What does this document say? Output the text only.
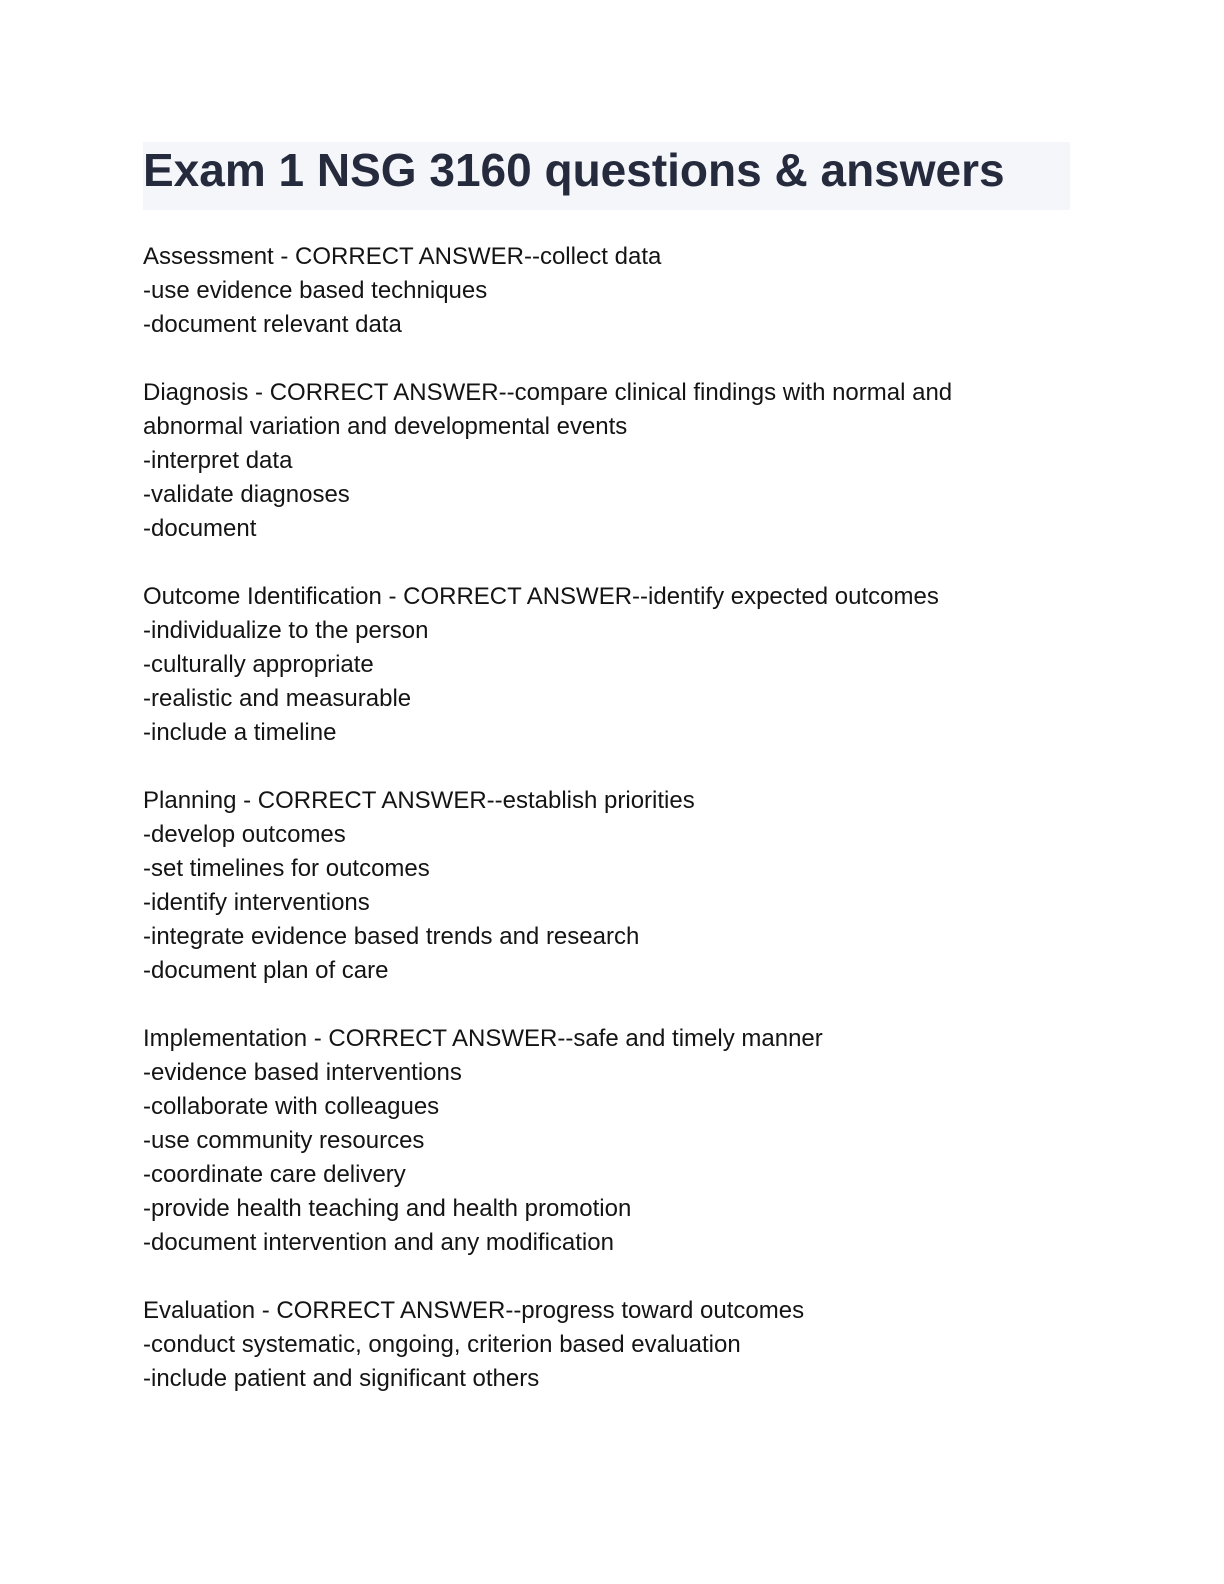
Exam 1 NSG 3160 questions & answers

Assessment - CORRECT ANSWER--collect data

-use evidence based techniques

-document relevant data

Diagnosis - CORRECT ANSWER--compare clinical findings with normal and

abnormal variation and developmental events

-interpret data

-validate diagnoses

-document

Outcome Identification - CORRECT ANSWER--identify expected outcomes

-individualize to the person

-culturally appropriate

-realistic and measurable

-include a timeline

Planning - CORRECT ANSWER--establish priorities

-develop outcomes

-set timelines for outcomes

-identify interventions

-integrate evidence based trends and research

-document plan of care

Implementation - CORRECT ANSWER--safe and timely manner

-evidence based interventions

-collaborate with colleagues

-use community resources

-coordinate care delivery

-provide health teaching and health promotion

-document intervention and any modification

Evaluation - CORRECT ANSWER--progress toward outcomes

-conduct systematic, ongoing, criterion based evaluation

-include patient and significant others
